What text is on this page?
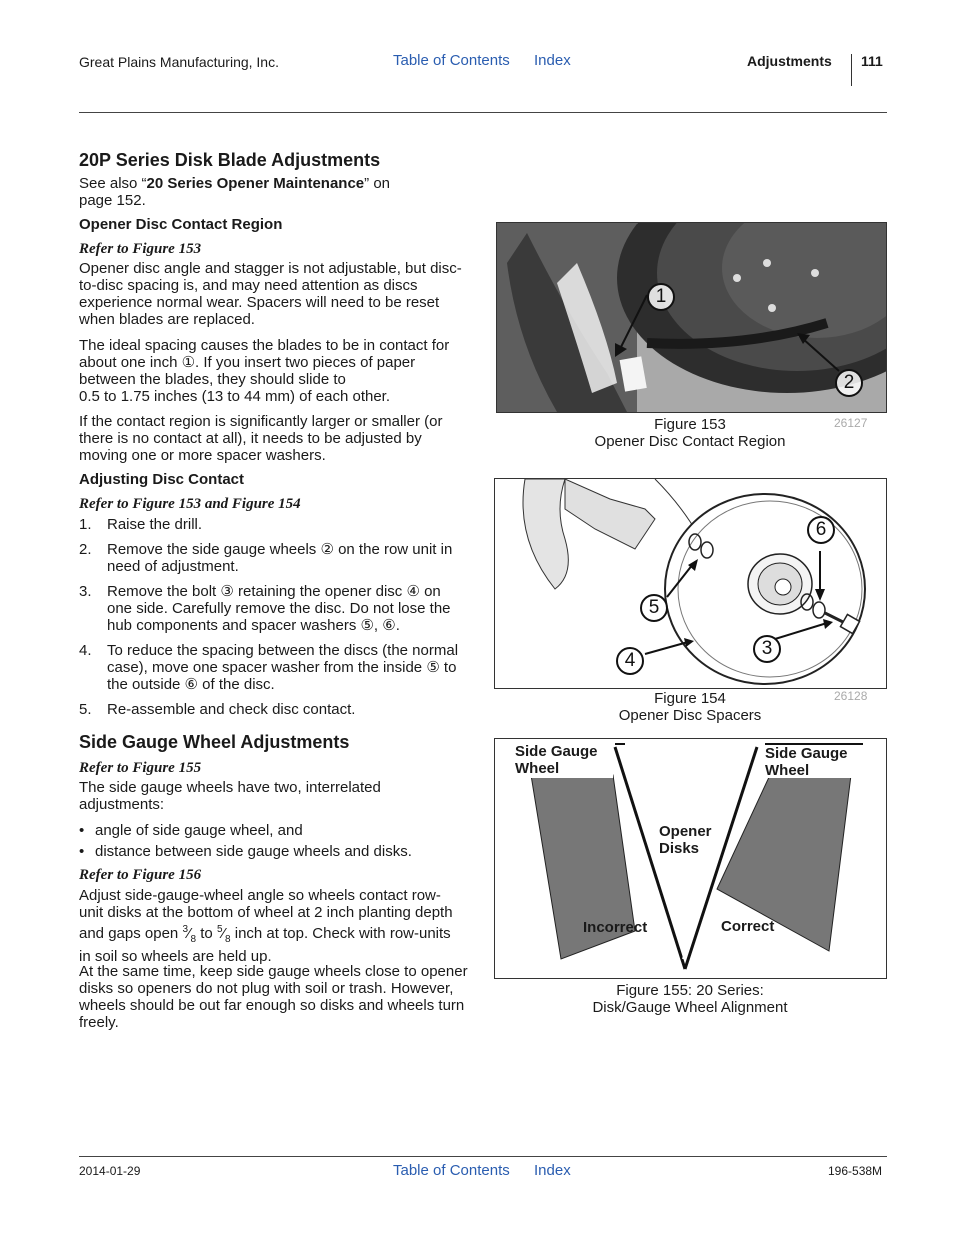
Great Plains Manufacturing, Inc.	Table of Contents Index	Adjustments 111
20P Series Disk Blade Adjustments

See also “20 Series Opener Maintenance” on
page 152.

Opener Disc Contact Region
Refer to Figure 153

Opener disc angle and stagger is not adjustable, but disc-to-disc spacing is, and may need attention as discs experience normal wear. Spacers will need to be reset when blades are replaced.

The ideal spacing causes the blades to be in contact for about one inch ①. If you insert two pieces of paper between the blades, they should slide to
0.5 to 1.75 inches (13 to 44 mm) of each other.

If the contact region is significantly larger or smaller (or there is no contact at all), it needs to be adjusted by moving one or more spacer washers.

Adjusting Disc Contact
Refer to Figure 153 and Figure 154
1. Raise the drill.
2. Remove the side gauge wheels ② on the row unit in need of adjustment.
3. Remove the bolt ③ retaining the opener disc ④ on one side. Carefully remove the disc. Do not lose the hub components and spacer washers ⑤, ⑥.
4. To reduce the spacing between the discs (the normal case), move one spacer washer from the inside ⑤ to the outside ⑥ of the disc.
5. Re-assemble and check disc contact.
Side Gauge Wheel Adjustments
Refer to Figure 155

The side gauge wheels have two, interrelated adjustments:

• angle of side gauge wheel, and
• distance between side gauge wheels and disks.
Refer to Figure 156

Adjust side-gauge-wheel angle so wheels contact row-unit disks at the bottom of wheel at 2 inch planting depth and gaps open $^3⁄_8$ to $^5⁄_8$ inch at top. Check with row-units in soil so wheels are held up.

At the same time, keep side gauge wheels close to opener disks so openers do not plug with soil or trash. However, wheels should be out far enough so disks and wheels turn freely.

1
2
Figure 153
Opener Disc Contact Region
26127
6
5
3
4
Figure 154
Opener Disc Spacers
26128
Side Gauge Wheel
Side Gauge Wheel
Opener Disks
Incorrect	Correct
Figure 155: 20 Series:
Disk/Gauge Wheel Alignment
2014-01-29	Table of Contents Index	196-538M
